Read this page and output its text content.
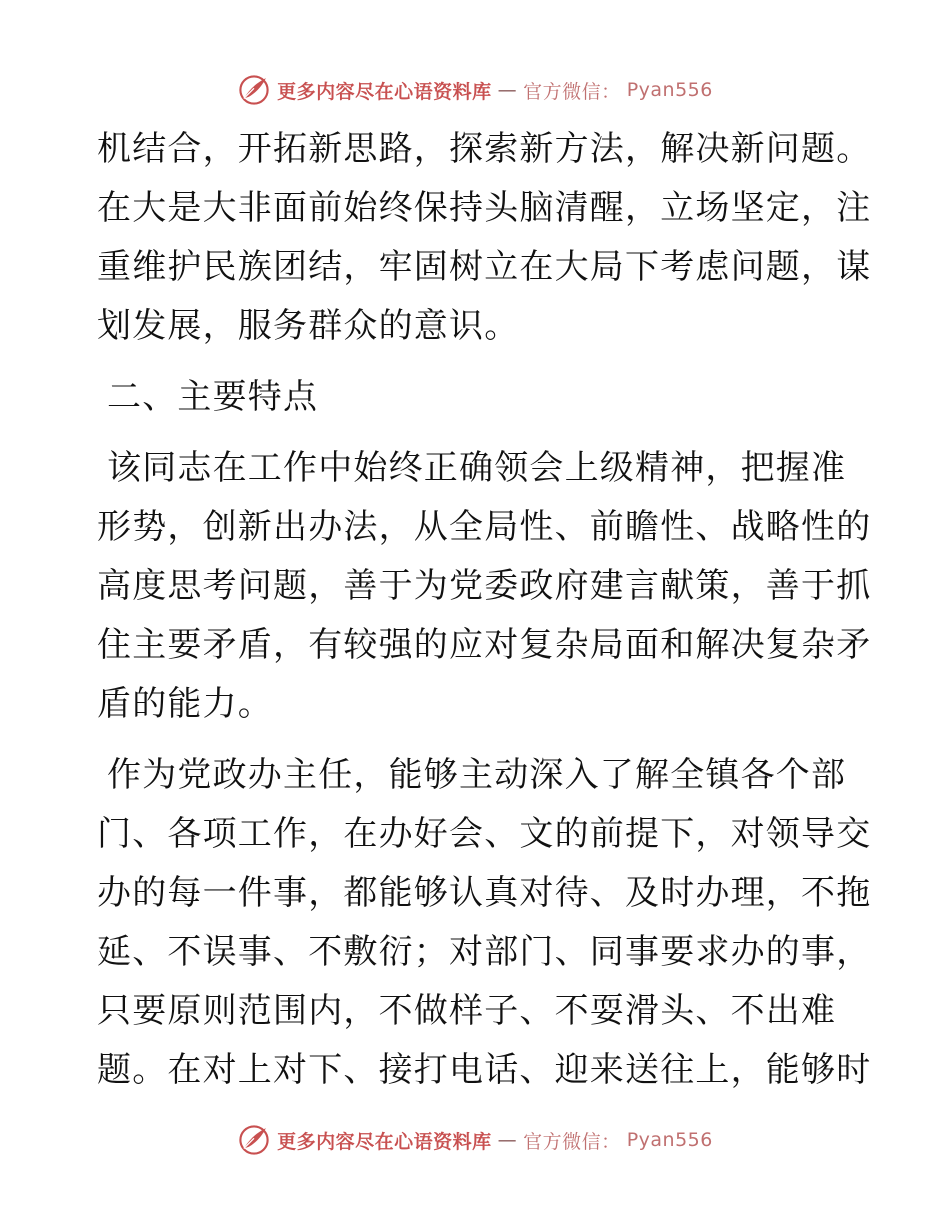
更多内容尽在心语资料库 — 官方微信： Pyan556
机结合，开拓新思路，探索新方法，解决新问题。
在大是大非面前始终保持头脑清醒，立场坚定，注
重维护民族团结，牢固树立在大局下考虑问题，谋
划发展，服务群众的意识。
二、主要特点
该同志在工作中始终正确领会上级精神，把握准
形势，创新出办法，从全局性、前瞻性、战略性的
高度思考问题，善于为党委政府建言献策，善于抓
住主要矛盾，有较强的应对复杂局面和解决复杂矛
盾的能力。
作为党政办主任，能够主动深入了解全镇各个部
门、各项工作，在办好会、文的前提下，对领导交
办的每一件事，都能够认真对待、及时办理，不拖
延、不误事、不敷衍；对部门、同事要求办的事，
只要原则范围内，不做样子、不耍滑头、不出难
题。在对上对下、接打电话、迎来送往上，能够时
更多内容尽在心语资料库 — 官方微信： Pyan556
